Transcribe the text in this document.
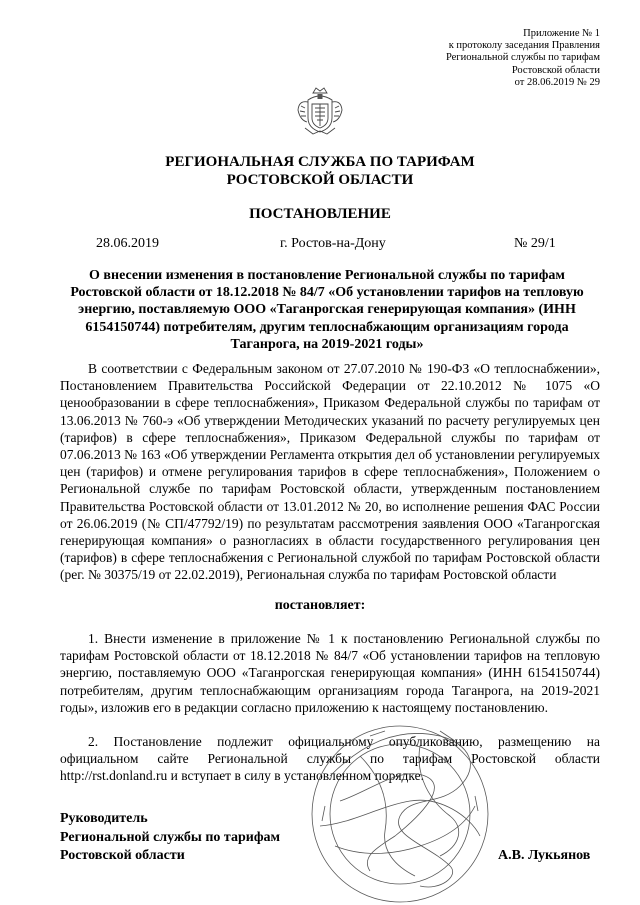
Приложение № 1
к протоколу заседания Правления
Региональной службы по тарифам
Ростовской области
от 28.06.2019 № 29
РЕГИОНАЛЬНАЯ СЛУЖБА ПО ТАРИФАМ
РОСТОВСКОЙ ОБЛАСТИ
ПОСТАНОВЛЕНИЕ
28.06.2019	г. Ростов-на-Дону	№ 29/1
О внесении изменения в постановление Региональной службы по тарифам Ростовской области от 18.12.2018 № 84/7 «Об установлении тарифов на тепловую энергию, поставляемую ООО «Таганрогская генерирующая компания» (ИНН 6154150744) потребителям, другим теплоснабжающим организациям города Таганрога, на 2019-2021 годы»
В соответствии с Федеральным законом от 27.07.2010 № 190-ФЗ «О теплоснабжении», Постановлением Правительства Российской Федерации от 22.10.2012 № 1075 «О ценообразовании в сфере теплоснабжения», Приказом Федеральной службы по тарифам от 13.06.2013 № 760-э «Об утверждении Методических указаний по расчету регулируемых цен (тарифов) в сфере теплоснабжения», Приказом Федеральной службы по тарифам от 07.06.2013 № 163 «Об утверждении Регламента открытия дел об установлении регулируемых цен (тарифов) и отмене регулирования тарифов в сфере теплоснабжения», Положением о Региональной службе по тарифам Ростовской области, утвержденным постановлением Правительства Ростовской области от 13.01.2012 № 20, во исполнение решения ФАС России от 26.06.2019 (№ СП/47792/19) по результатам рассмотрения заявления ООО «Таганрогская генерирующая компания» о разногласиях в области государственного регулирования цен (тарифов) в сфере теплоснабжения с Региональной службой по тарифам Ростовской области (рег. № 30375/19 от 22.02.2019), Региональная служба по тарифам Ростовской области
постановляет:
1. Внести изменение в приложение № 1 к постановлению Региональной службы по тарифам Ростовской области от 18.12.2018 № 84/7 «Об установлении тарифов на тепловую энергию, поставляемую ООО «Таганрогская генерирующая компания» (ИНН 6154150744) потребителям, другим теплоснабжающим организациям города Таганрога, на 2019-2021 годы», изложив его в редакции согласно приложению к настоящему постановлению.
2. Постановление подлежит официальному опубликованию, размещению на официальном сайте Региональной службы по тарифам Ростовской области http://rst.donland.ru и вступает в силу в установленном порядке.
Руководитель
Региональной службы по тарифам
Ростовской области	А.В. Лукьянов
